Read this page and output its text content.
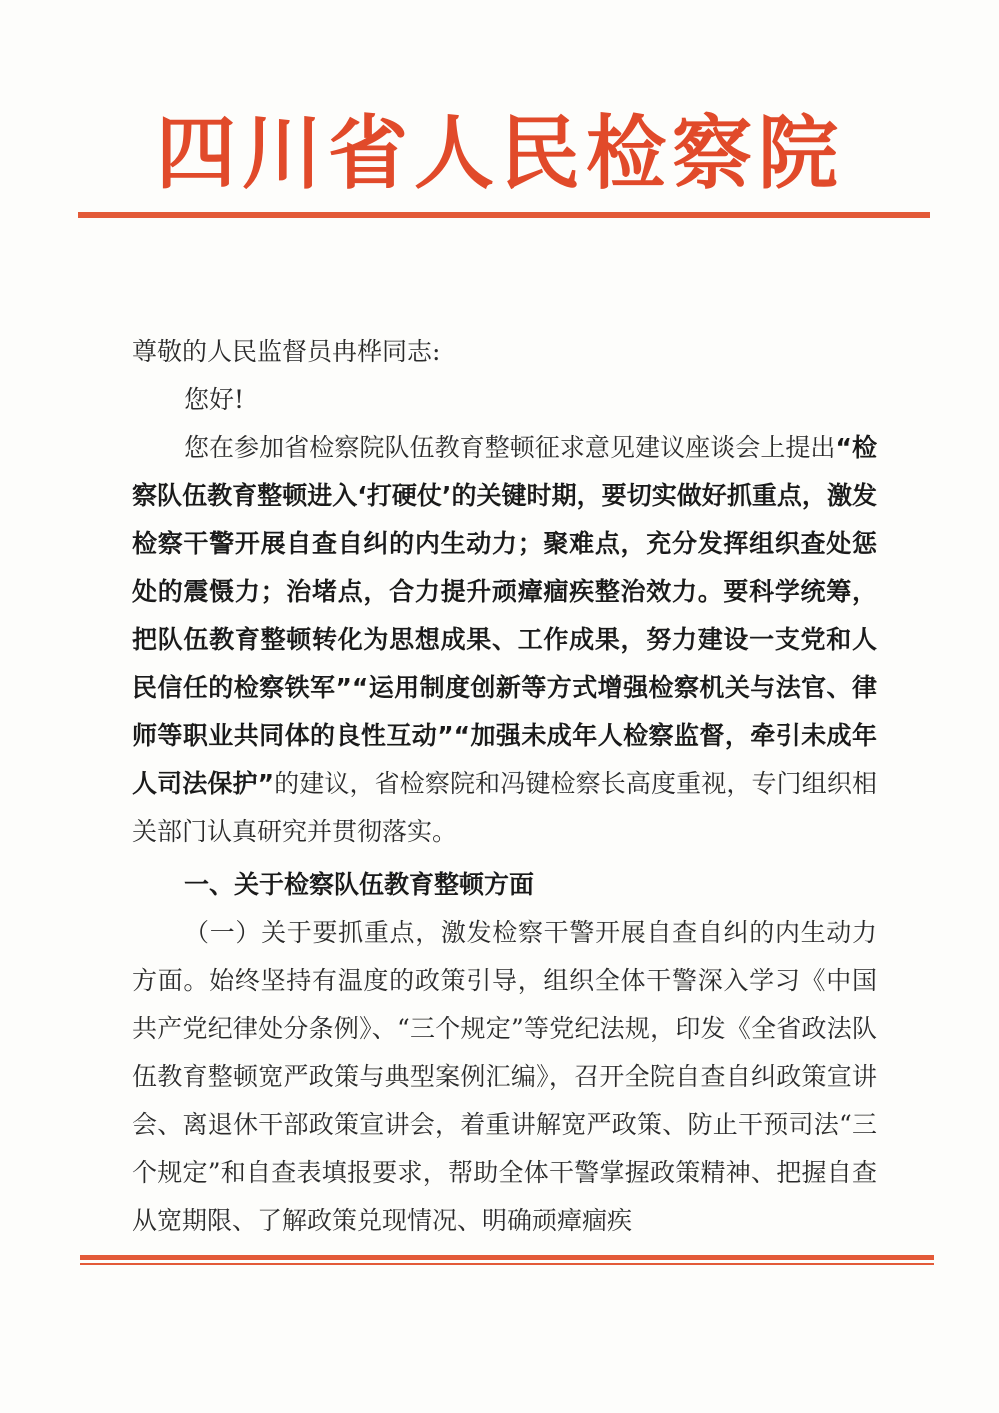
四川省人民检察院
尊敬的人民监督员冉桦同志:
您好!
您在参加省检察院队伍教育整顿征求意见建议座谈会上提出“检察队伍教育整顿进入‘打硬仗’的关键时期，要切实做好抓重点，激发检察干警开展自查自纠的内生动力；聚难点，充分发挥组织查处惩处的震慑力；治堵点，合力提升顽瘴痼疾整治效力。要科学统筹，把队伍教育整顿转化为思想成果、工作成果，努力建设一支党和人民信任的检察铁军”“运用制度创新等方式增强检察机关与法官、律师等职业共同体的良性互动”“加强未成年人检察监督，牵引未成年人司法保护”的建议，省检察院和冯键检察长高度重视，专门组织相关部门认真研究并贯彻落实。
一、关于检察队伍教育整顿方面
（一）关于要抓重点，激发检察干警开展自查自纠的内生动力方面。始终坚持有温度的政策引导，组织全体干警深入学习《中国共产党纪律处分条例》、“三个规定”等党纪法规，印发《全省政法队伍教育整顿宽严政策与典型案例汇编》，召开全院自查自纠政策宣讲会、离退休干部政策宣讲会，着重讲解宽严政策、防止干预司法“三个规定”和自查表填报要求，帮助全体干警掌握政策精神、把握自查从宽期限、了解政策兑现情况、明确顽瘴痼疾
